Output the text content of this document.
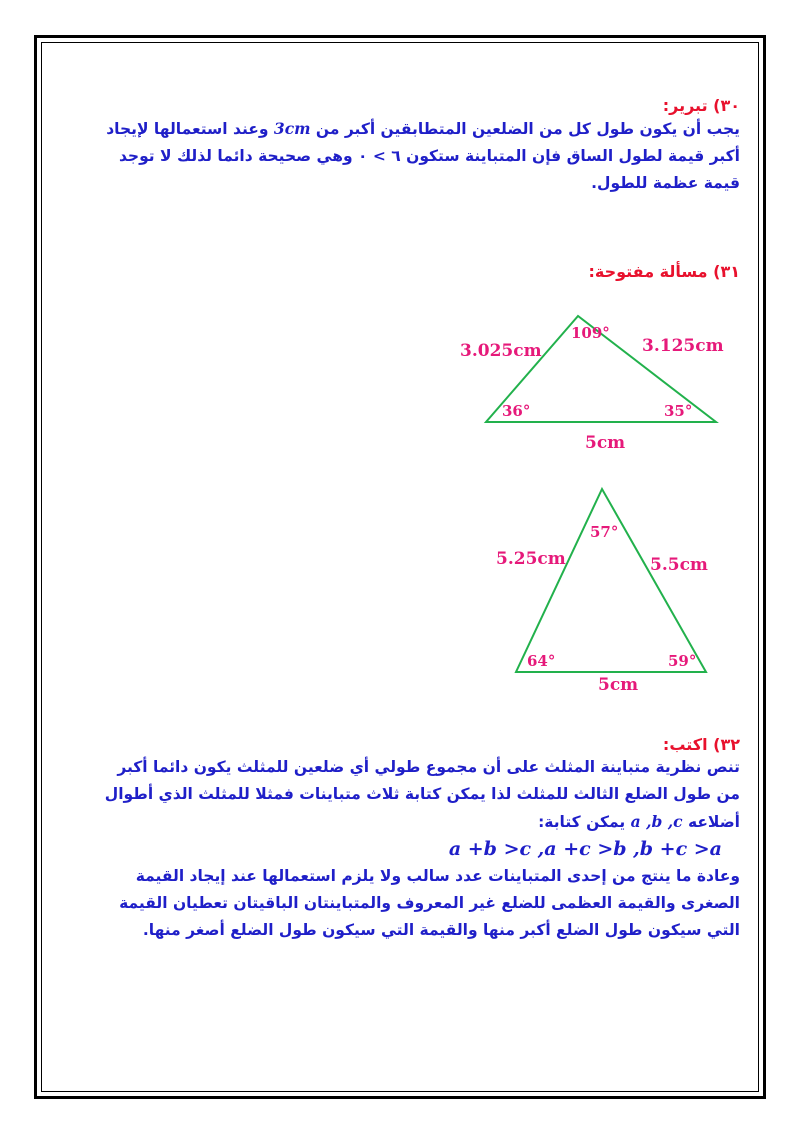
٣٠) تبرير:
يجب أن يكون طول كل من الضلعين المتطابقين أكبر من 3cm وعند استعمالها لإيجاد
أكبر قيمة لطول الساق فإن المتباينة ستكون ٦ > ٠ وهي صحيحة دائما لذلك لا توجد
قيمة عظمة للطول.
٣١) مسألة مفتوحة:
3.025cm	3.125cm
5cm
109°
36°	35°
5.25cm	5.5cm
5cm
57°
64°	59°
٣٢) اكتب:
تنص نظرية متباينة المثلث على أن مجموع طولي أي ضلعين للمثلث يكون دائما أكبر
من طول الضلع الثالث للمثلث لذا يمكن كتابة ثلاث متباينات فمثلا للمثلث الذي أطوال
أضلاعه a ,b ,c يمكن كتابة:
a +b >c ,a +c >b ,b +c >a
وعادة ما ينتج من إحدى المتباينات عدد سالب ولا يلزم استعمالها عند إيجاد القيمة
الصغرى والقيمة العظمى للضلع غير المعروف والمتباينتان الباقيتان تعطيان القيمة
التي سيكون طول الضلع أكبر منها والقيمة التي سيكون طول الضلع أصغر منها.
